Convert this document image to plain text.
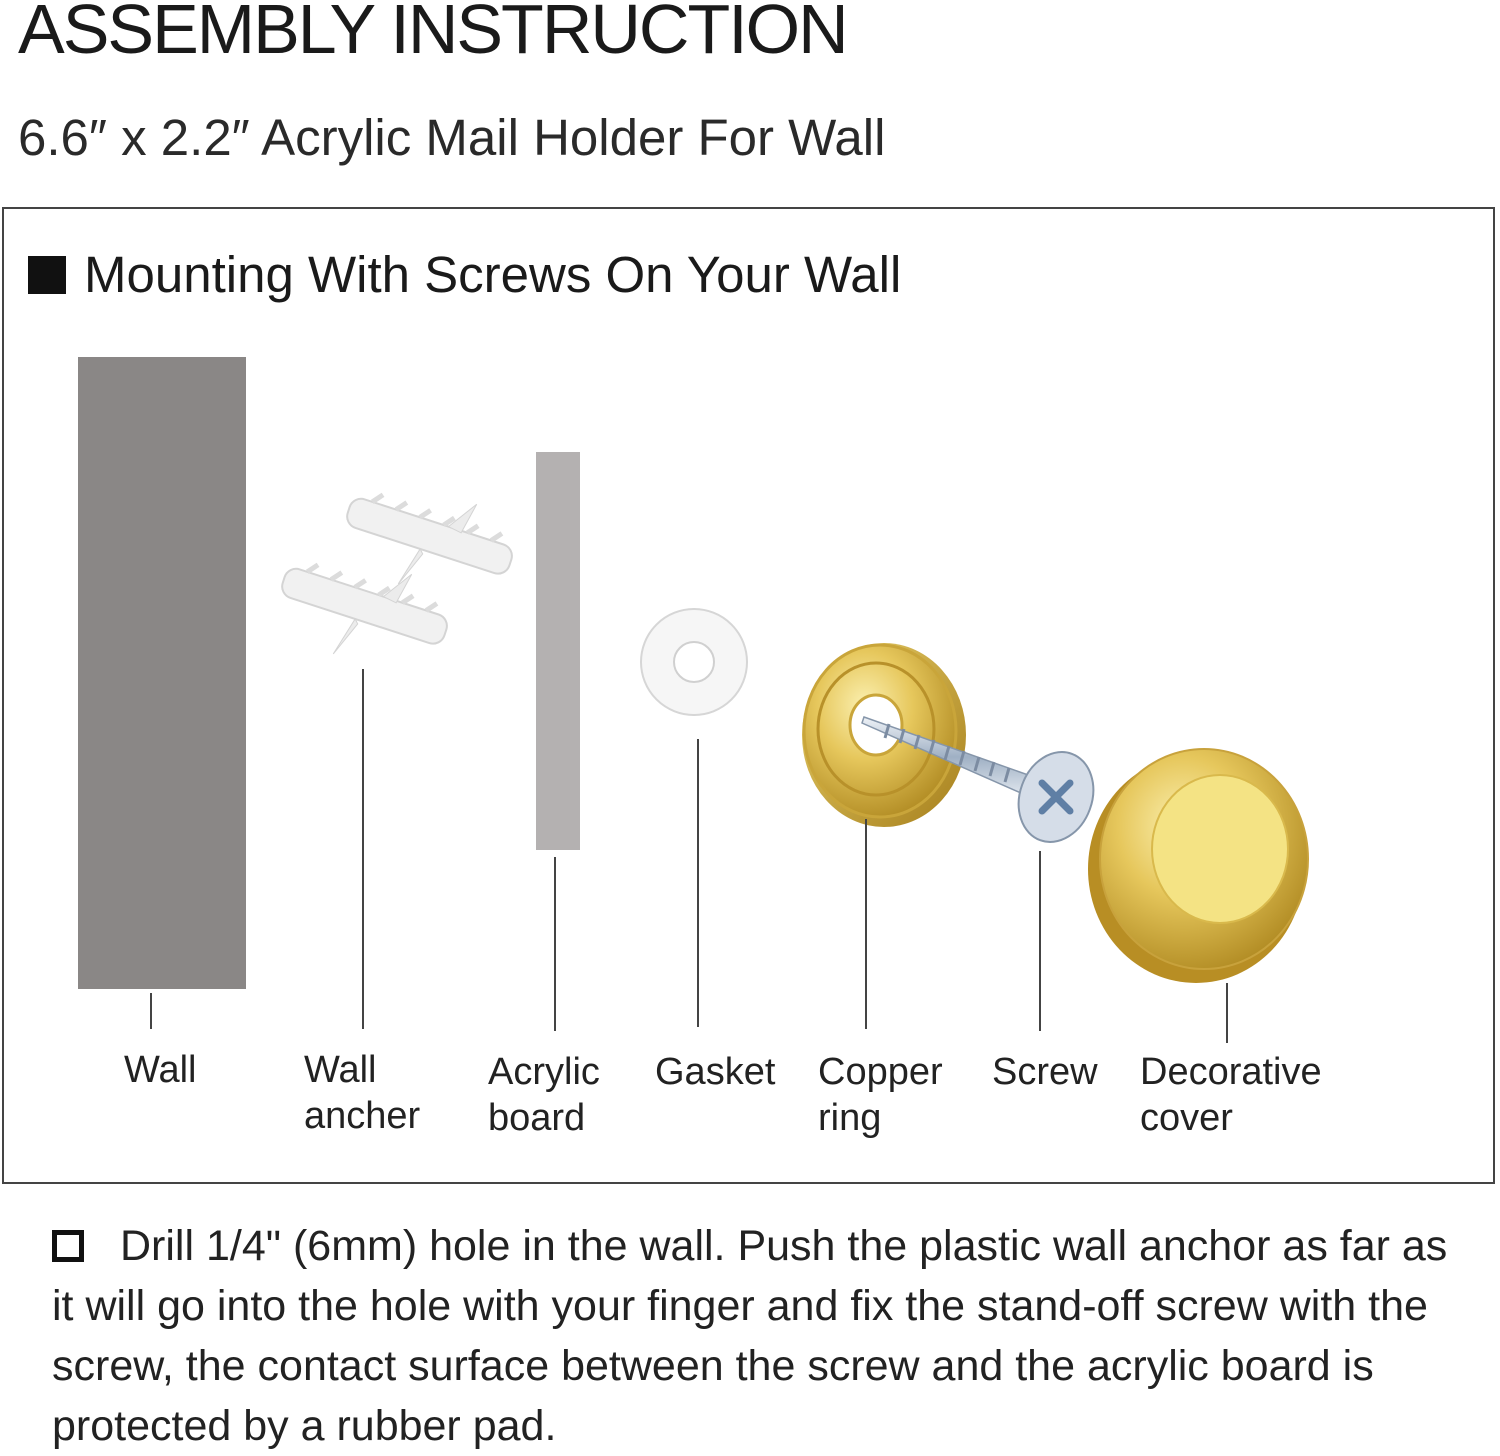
ASSEMBLY INSTRUCTION
6.6″ x 2.2″ Acrylic Mail Holder For Wall
Mounting With Screws On Your Wall
Wall	Wall
ancher
Acrylic
board
Gasket Copper
ring
Screw Decorative
cover
Drill 1/4" (6mm) hole in the wall. Push the plastic wall anchor as far as it will go into the hole with your finger and fix the stand-off screw with the screw, the contact surface between the screw and the acrylic board is protected by a rubber pad.
